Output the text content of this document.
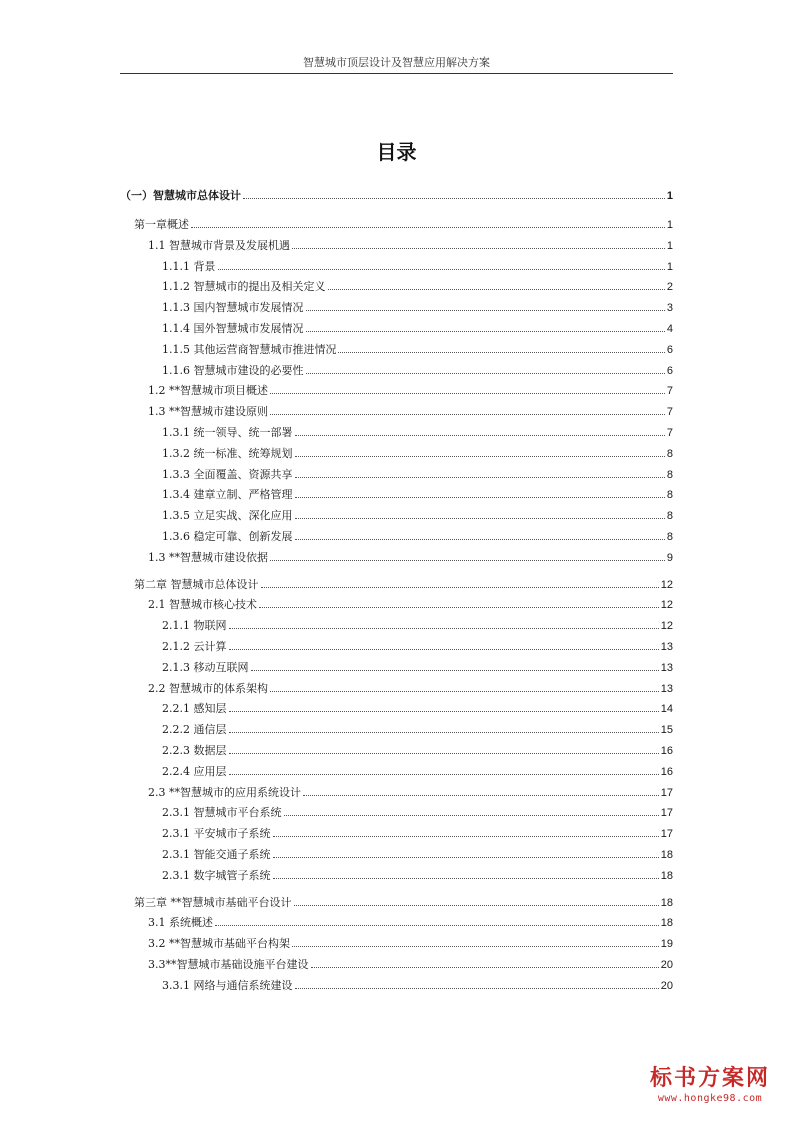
智慧城市顶层设计及智慧应用解决方案
目录
（一）智慧城市总体设计	1
第一章概述	1
1.1 智慧城市背景及发展机遇	1
1.1.1 背景	1
1.1.2 智慧城市的提出及相关定义	2
1.1.3 国内智慧城市发展情况	3
1.1.4 国外智慧城市发展情况	4
1.1.5 其他运营商智慧城市推进情况	6
1.1.6 智慧城市建设的必要性	6
1.2 **智慧城市项目概述	7
1.3 **智慧城市建设原则	7
1.3.1 统一领导、统一部署	7
1.3.2 统一标准、统筹规划	8
1.3.3 全面覆盖、资源共享	8
1.3.4 建章立制、严格管理	8
1.3.5 立足实战、深化应用	8
1.3.6 稳定可靠、创新发展	8
1.3 **智慧城市建设依据	9
第二章 智慧城市总体设计	12
2.1 智慧城市核心技术	12
2.1.1 物联网	12
2.1.2 云计算	13
2.1.3 移动互联网	13
2.2 智慧城市的体系架构	13
2.2.1 感知层	14
2.2.2 通信层	15
2.2.3 数据层	16
2.2.4 应用层	16
2.3 **智慧城市的应用系统设计	17
2.3.1 智慧城市平台系统	17
2.3.1 平安城市子系统	17
2.3.1 智能交通子系统	18
2.3.1 数字城管子系统	18
第三章 **智慧城市基础平台设计	18
3.1 系统概述	18
3.2 **智慧城市基础平台构架	19
3.3**智慧城市基础设施平台建设	20
3.3.1 网络与通信系统建设	20
标书方案网
www.hongke98.com
